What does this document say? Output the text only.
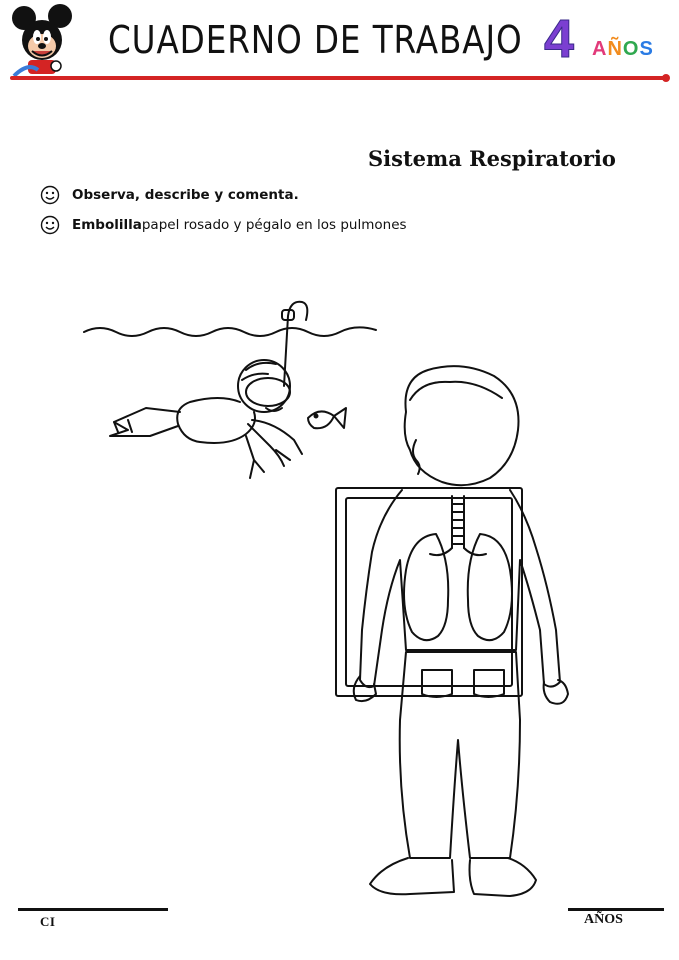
CUADERNO DE TRABAJO 4 AÑOS
Sistema Respiratorio
Observa, describe y comenta.
Embolilla papel rosado y pégalo en los pulmones
CI	AÑOS
